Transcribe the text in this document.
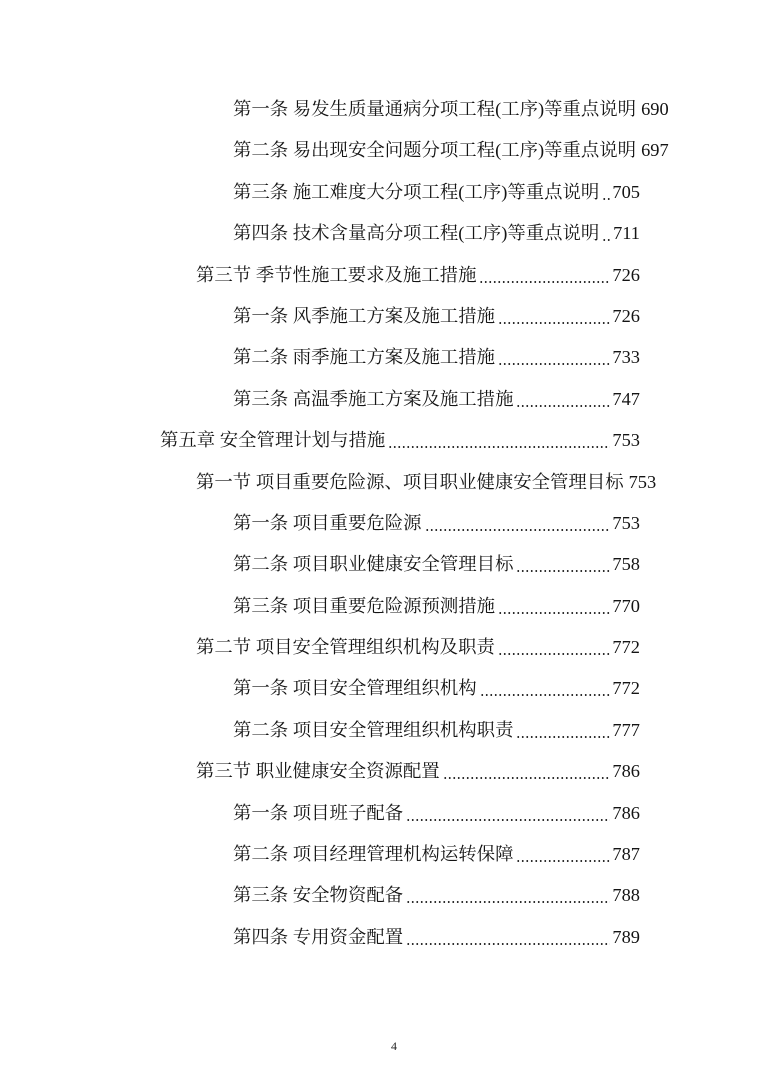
第一条 易发生质量通病分项工程(工序)等重点说明 690
第二条 易出现安全问题分项工程(工序)等重点说明 697
第三条 施工难度大分项工程(工序)等重点说明 705
第四条 技术含量高分项工程(工序)等重点说明 711
第三节 季节性施工要求及施工措施	726
第一条 风季施工方案及施工措施	726
第二条 雨季施工方案及施工措施	733
第三条 高温季施工方案及施工措施	747
第五章 安全管理计划与措施	753
第一节 项目重要危险源、项目职业健康安全管理目标 753
第一条 项目重要危险源	753
第二条 项目职业健康安全管理目标	758
第三条 项目重要危险源预测措施	770
第二节 项目安全管理组织机构及职责	772
第一条 项目安全管理组织机构	772
第二条 项目安全管理组织机构职责	777
第三节 职业健康安全资源配置	786
第一条 项目班子配备	786
第二条 项目经理管理机构运转保障	787
第三条 安全物资配备	788
第四条 专用资金配置	789
4
